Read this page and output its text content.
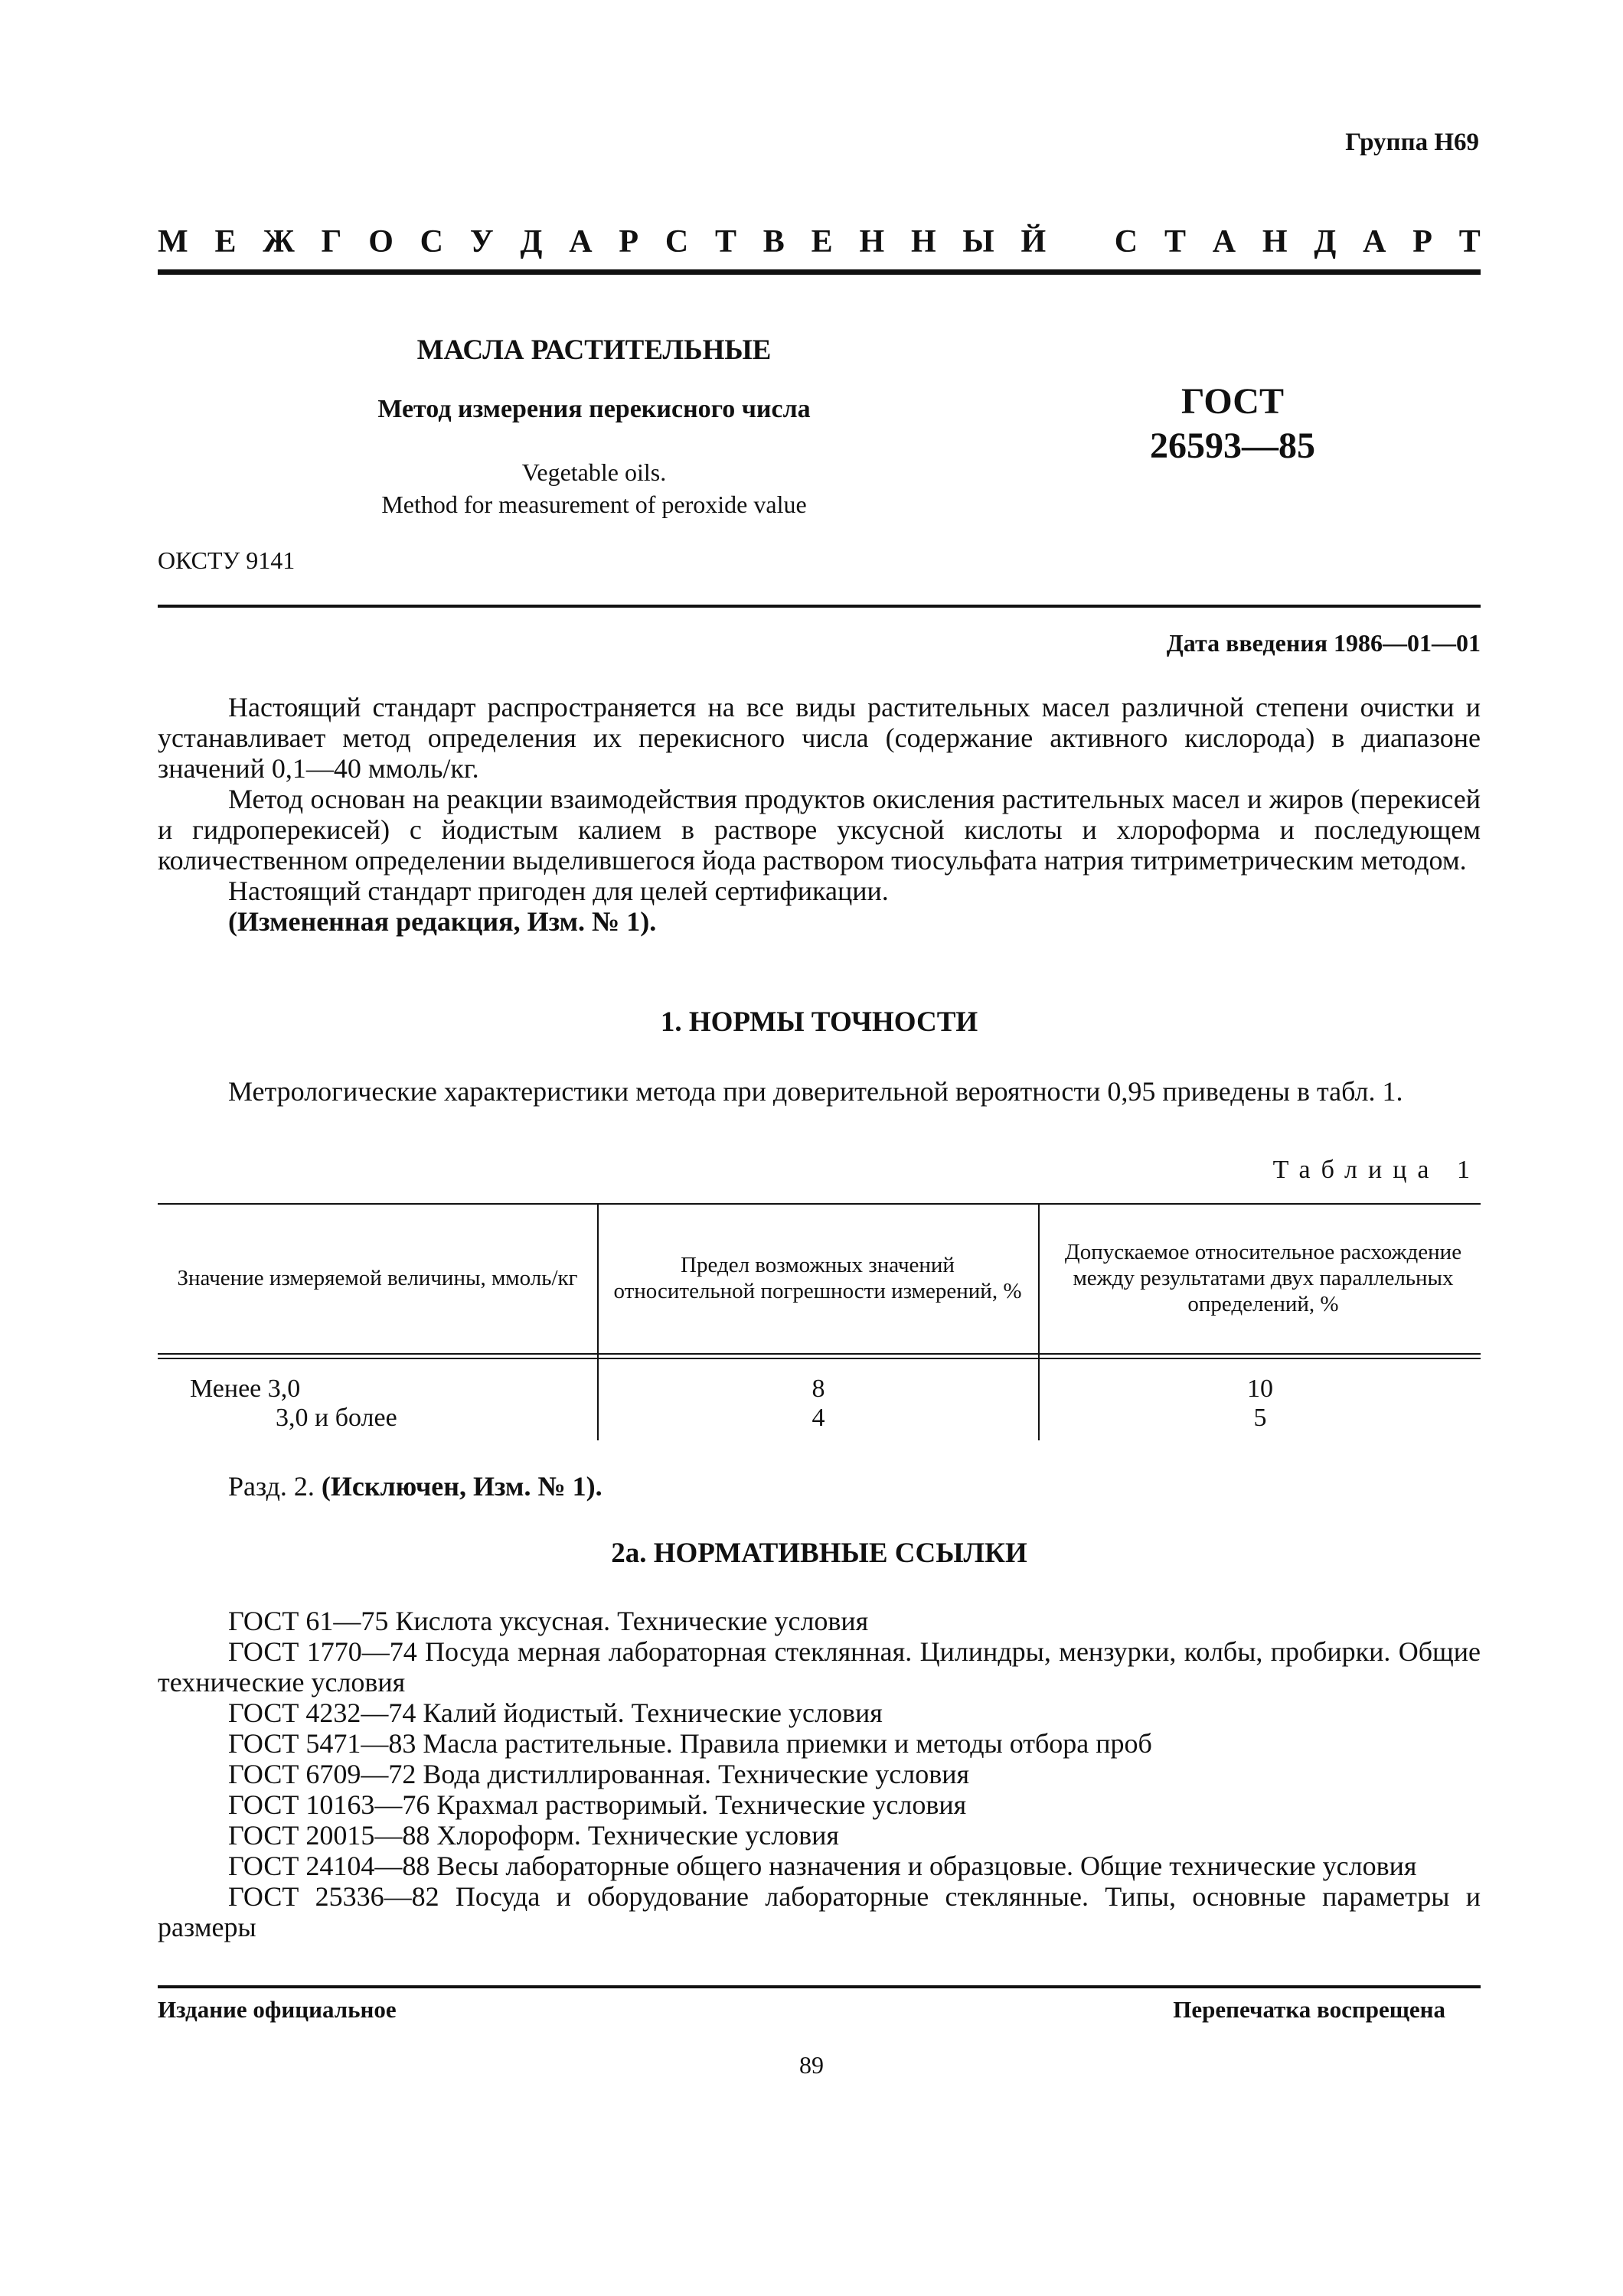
Группа Н69
М Е Ж Г О С У Д А Р С Т В Е Н Н Ы Й С Т А Н Д А Р Т
МАСЛА РАСТИТЕЛЬНЫЕ
Метод измерения перекисного числа
Vegetable oils.
Method for measurement of peroxide value
ГОСТ
26593—85
ОКСТУ 9141
Дата введения 1986—01—01

Настоящий стандарт распространяется на все виды растительных масел различной степени очистки и устанавливает метод определения их перекисного числа (содержание активного кислорода) в диапазоне значений 0,1—40 ммоль/кг.

Метод основан на реакции взаимодействия продуктов окисления растительных масел и жиров (перекисей и гидроперекисей) с йодистым калием в растворе уксусной кислоты и хлороформа и последующем количественном определении выделившегося йода раствором тиосульфата натрия титриметрическим методом.

Настоящий стандарт пригоден для целей сертификации.

(Измененная редакция, Изм. № 1).

1. НОРМЫ ТОЧНОСТИ

Метрологические характеристики метода при доверительной вероятности 0,95 приведены в табл. 1.

Таблица 1
Значение измеряемой величины, ммоль/кг
Предел возможных значений относительной погрешности измерений, %
Допускаемое относительное расхождение между результатами двух параллельных определений, %
Менее 3,0
3,0 и более
8
4
10
5

Разд. 2. (Исключен, Изм. № 1).

2а. НОРМАТИВНЫЕ ССЫЛКИ

ГОСТ 61—75 Кислота уксусная. Технические условия

ГОСТ 1770—74 Посуда мерная лабораторная стеклянная. Цилиндры, мензурки, колбы, пробирки. Общие технические условия

ГОСТ 4232—74 Калий йодистый. Технические условия

ГОСТ 5471—83 Масла растительные. Правила приемки и методы отбора проб

ГОСТ 6709—72 Вода дистиллированная. Технические условия

ГОСТ 10163—76 Крахмал растворимый. Технические условия

ГОСТ 20015—88 Хлороформ. Технические условия

ГОСТ 24104—88 Весы лабораторные общего назначения и образцовые. Общие технические условия

ГОСТ 25336—82 Посуда и оборудование лабораторные стеклянные. Типы, основные параметры и размеры

Издание официальное	Перепечатка воспрещена
89
